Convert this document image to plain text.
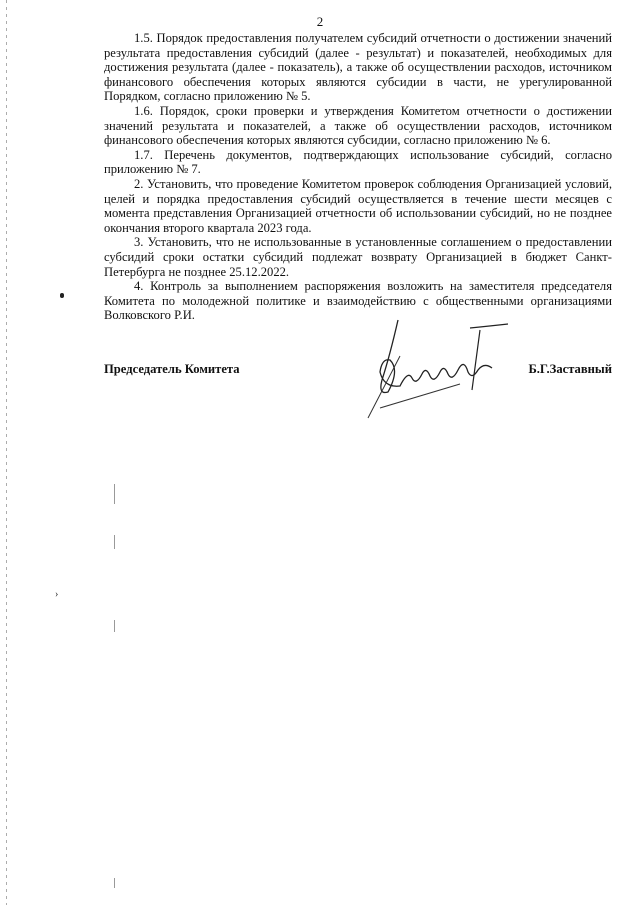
2

1.5. Порядок предоставления получателем субсидий отчетности о достижении значений результата предоставления субсидий (далее - результат) и показателей, необходимых для достижения результата (далее - показатель), а также об осуществлении расходов, источником финансового обеспечения которых являются субсидии в части, не урегулированной Порядком, согласно приложению № 5.

1.6. Порядок, сроки проверки и утверждения Комитетом отчетности о достижении значений результата и показателей, а также об осуществлении расходов, источником финансового обеспечения которых являются субсидии, согласно приложению № 6.

1.7. Перечень документов, подтверждающих использование субсидий, согласно приложению № 7.

2. Установить, что проведение Комитетом проверок соблюдения Организацией условий, целей и порядка предоставления субсидий осуществляется в течение шести месяцев с момента представления Организацией отчетности об использовании субсидий, но не позднее окончания второго квартала 2023 года.

3. Установить, что не использованные в установленные соглашением о предоставлении субсидий сроки остатки субсидий подлежат возврату Организацией в бюджет Санкт-Петербурга не позднее 25.12.2022.

4. Контроль за выполнением распоряжения возложить на заместителя председателя Комитета по молодежной политике и взаимодействию с общественными организациями Волковского Р.И.

Председатель Комитета	Б.Г.Заставный
›
